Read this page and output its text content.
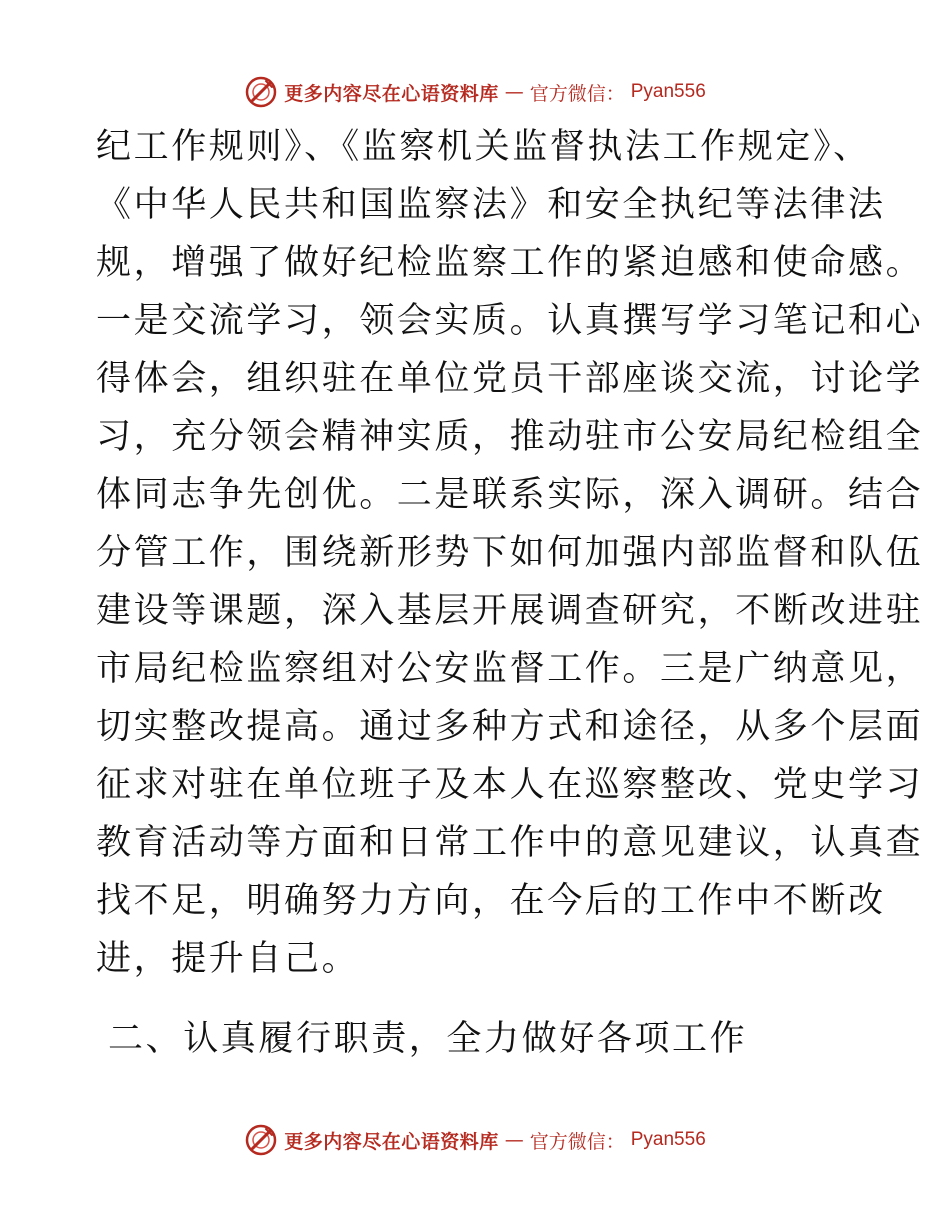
更多内容尽在心语资料库 — 官方微信： Pyan556
纪工作规则》、《监察机关监督执法工作规定》、
《中华人民共和国监察法》和安全执纪等法律法
规，增强了做好纪检监察工作的紧迫感和使命感。
一是交流学习，领会实质。认真撰写学习笔记和心
得体会，组织驻在单位党员干部座谈交流，讨论学
习，充分领会精神实质，推动驻市公安局纪检组全
体同志争先创优。二是联系实际，深入调研。结合
分管工作，围绕新形势下如何加强内部监督和队伍
建设等课题，深入基层开展调查研究，不断改进驻
市局纪检监察组对公安监督工作。三是广纳意见，
切实整改提高。通过多种方式和途径，从多个层面
征求对驻在单位班子及本人在巡察整改、党史学习
教育活动等方面和日常工作中的意见建议，认真查
找不足，明确努力方向，在今后的工作中不断改
进，提升自己。
二、认真履行职责，全力做好各项工作
更多内容尽在心语资料库 — 官方微信： Pyan556
